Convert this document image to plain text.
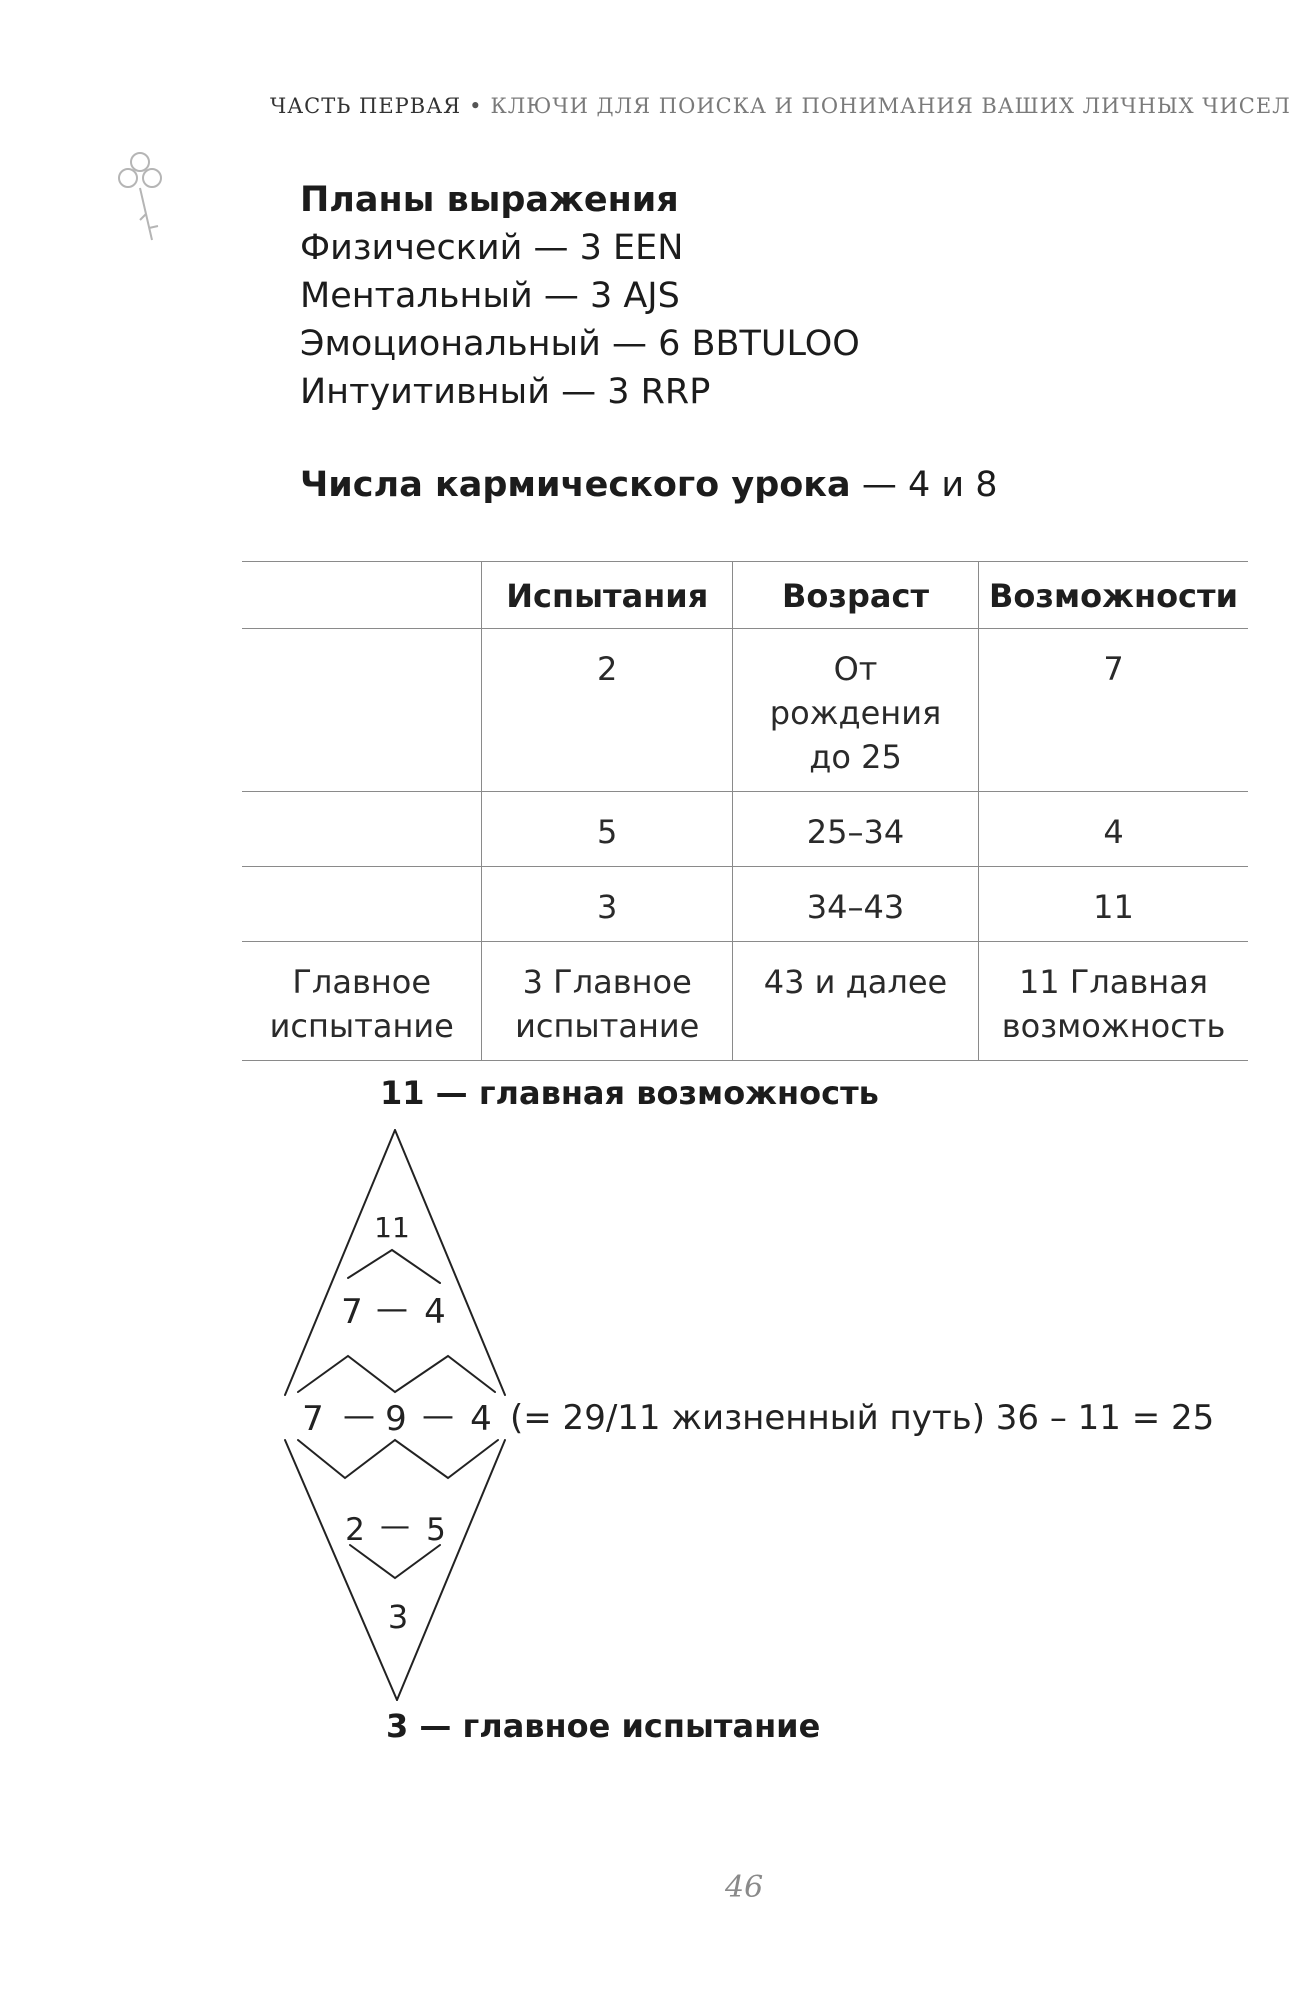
ЧАСТЬ ПЕРВАЯ • КЛЮЧИ ДЛЯ ПОИСКА И ПОНИМАНИЯ ВАШИХ ЛИЧНЫХ ЧИСЕЛ
Планы выражения
Физический — 3 EEN
Ментальный — 3 AJS
Эмоциональный — 6 BBTULOO
Интуитивный — 3 RRP
Числа кармического урока — 4 и 8
	Испытания	Возраст	Возможности
	2	От рождения до 25	7
	5	25–34	4
	3	34–43	11
Главное испытание	3 Главное испытание	43 и далее	11 Главная возможность
11 — главная возможность
11
7 — 4
7 — 9 — 4 (= 29/11 жизненный путь) 36 – 11 = 25
2 — 5
3
3 — главное испытание
46
